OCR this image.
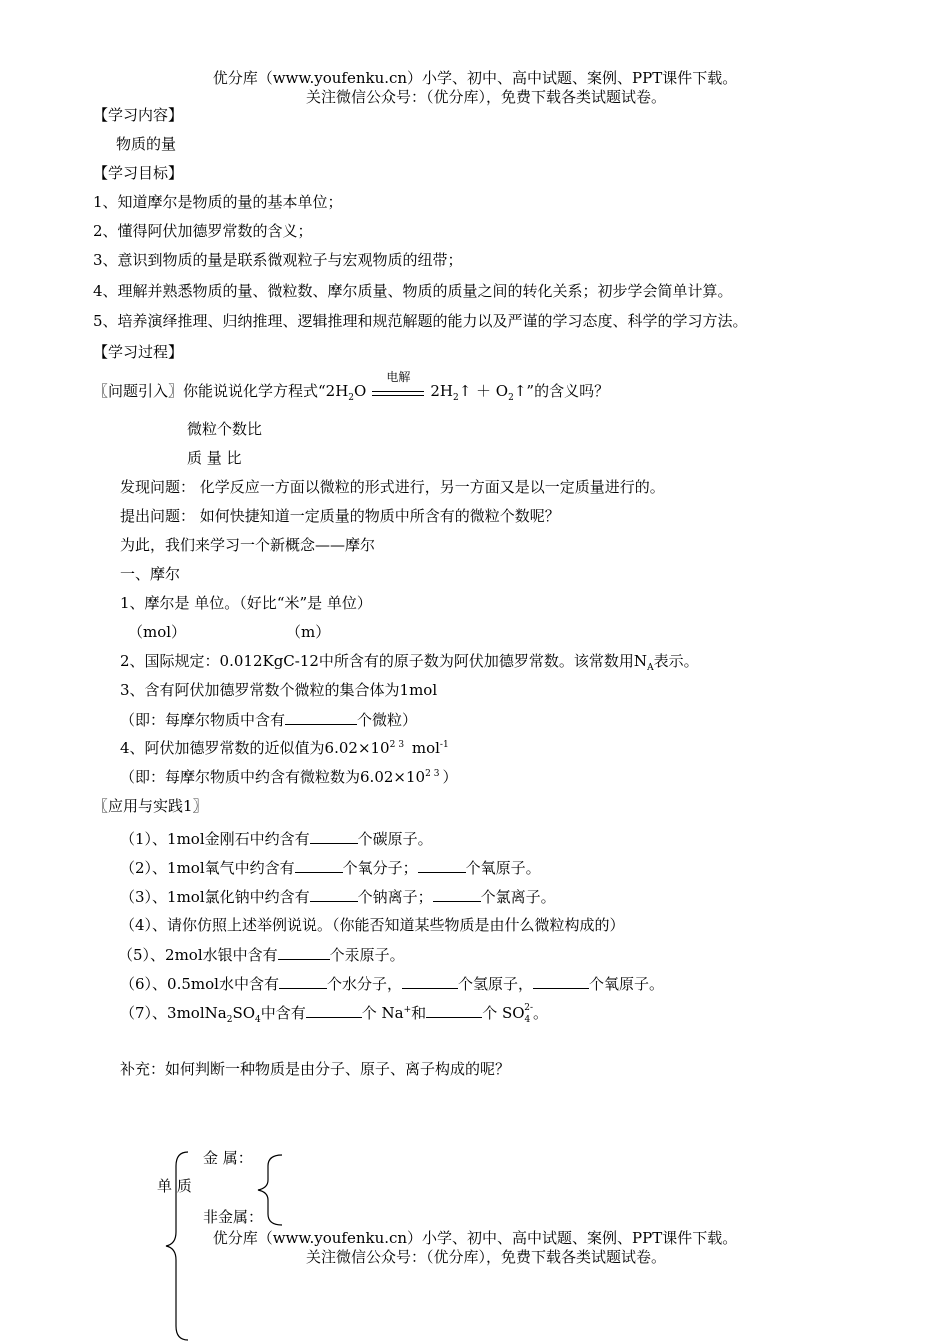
优分库（www.youfenku.cn）小学、初中、高中试题、案例、PPT课件下载。
关注微信公众号：（优分库），免费下载各类试题试卷。
【学习内容】
物质的量
【学习目标】
1、知道摩尔是物质的量的基本单位；
2、懂得阿伏加德罗常数的含义；
3、意识到物质的量是联系微观粒子与宏观物质的纽带；
4、理解并熟悉物质的量、微粒数、摩尔质量、物质的质量之间的转化关系；初步学会简单计算。
5、培养演绎推理、归纳推理、逻辑推理和规范解题的能力以及严谨的学习态度、科学的学习方法。
【学习过程】
〖问题引入〗你能说说化学方程式“$2H_2O$
电解
$2H_2↑$ ＋ $O_2↑$”的含义吗？
微粒个数比
质 量 比
发现问题： 化学反应一方面以微粒的形式进行，另一方面又是以一定质量进行的。
提出问题： 如何快捷知道一定质量的物质中所含有的微粒个数呢？
为此，我们来学习一个新概念——摩尔
一、摩尔
1、摩尔是 单位。（好比“米”是 单位）
（mol）	（m）
2、国际规定：0.012KgC-12中所含有的原子数为阿伏加德罗常数。该常数用$N_A$表示。
3、含有阿伏加德罗常数个微粒的集合体为1mol
（即：每摩尔物质中含有	个微粒）
4、阿伏加德罗常数的近似值为$6.02\times 10^{23}$ mol$^{-1}$
（即：每摩尔物质中约含有微粒数为$6.02\times 10^{23}$）
〖应用与实践1〗
（1）、1mol金刚石中约含有	个碳原子。
（2）、1mol氧气中约含有	个氧分子；	个氧原子。
（3）、1mol氯化钠中约含有	个钠离子；	个氯离子。
（4）、请你仿照上述举例说说。（你能否知道某些物质是由什么微粒构成的）
（5）、2mol水银中含有	个汞原子。
（6）、0.5mol水中含有	个水分子，	个氢原子，	个氧原子。
（7）、$3molNa_2SO_4$中含有	个 Na+和	个 $SO_4^{2-}$。
补充：如何判断一种物质是由分子、原子、离子构成的呢？
单 质
金 属：
非金属：
优分库（www.youfenku.cn）小学、初中、高中试题、案例、PPT课件下载。
关注微信公众号：（优分库），免费下载各类试题试卷。
